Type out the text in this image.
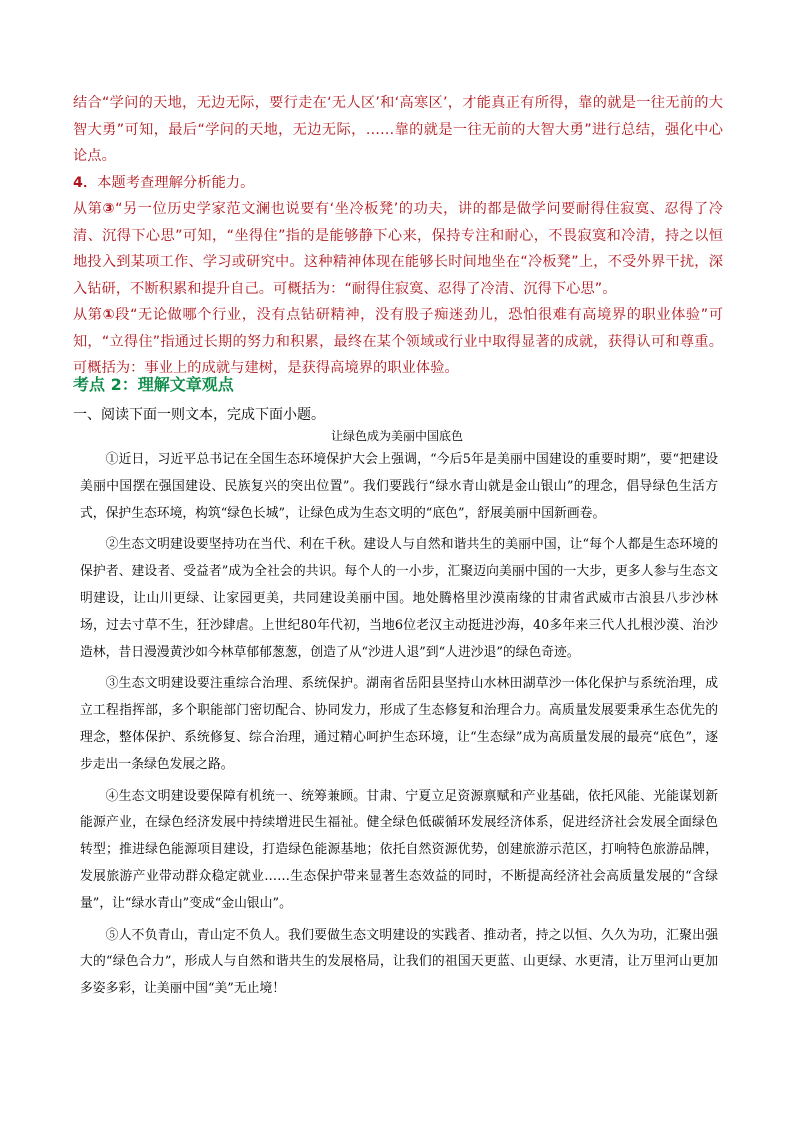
结合“学问的天地，无边无际，要行走在‘无人区’和‘高寒区’，才能真正有所得，靠的就是一往无前的大智大勇”可知，最后“学问的天地，无边无际，……靠的就是一往无前的大智大勇”进行总结，强化中心论点。

4．本题考查理解分析能力。

从第③“另一位历史学家范文澜也说要有‘坐冷板凳’的功夫，讲的都是做学问要耐得住寂寞、忍得了冷清、沉得下心思”可知，“坐得住”指的是能够静下心来，保持专注和耐心，不畏寂寞和冷清，持之以恒地投入到某项工作、学习或研究中。这种精神体现在能够长时间地坐在“冷板凳”上，不受外界干扰，深入钻研，不断积累和提升自己。可概括为：“耐得住寂寞、忍得了冷清、沉得下心思”。

从第①段“无论做哪个行业，没有点钻研精神，没有股子痴迷劲儿，恐怕很难有高境界的职业体验”可知，“立得住”指通过长期的努力和积累，最终在某个领域或行业中取得显著的成就，获得认可和尊重。可概括为：事业上的成就与建树，是获得高境界的职业体验。

考点 2：理解文章观点
一、阅读下面一则文本，完成下面小题。
让绿色成为美丽中国底色

①近日，习近平总书记在全国生态环境保护大会上强调，“今后5年是美丽中国建设的重要时期”，要“把建设美丽中国摆在强国建设、民族复兴的突出位置”。我们要践行“绿水青山就是金山银山”的理念，倡导绿色生活方式，保护生态环境，构筑“绿色长城”，让绿色成为生态文明的“底色”，舒展美丽中国新画卷。

②生态文明建设要坚持功在当代、利在千秋。建设人与自然和谐共生的美丽中国，让“每个人都是生态环境的保护者、建设者、受益者”成为全社会的共识。每个人的一小步，汇聚迈向美丽中国的一大步，更多人参与生态文明建设，让山川更绿、让家园更美，共同建设美丽中国。地处腾格里沙漠南缘的甘肃省武威市古浪县八步沙林场，过去寸草不生，狂沙肆虐。上世纪80年代初，当地6位老汉主动挺进沙海，40多年来三代人扎根沙漠、治沙造林，昔日漫漫黄沙如今林草郁郁葱葱，创造了从“沙进人退”到“人进沙退”的绿色奇迹。

③生态文明建设要注重综合治理、系统保护。湖南省岳阳县坚持山水林田湖草沙一体化保护与系统治理，成立工程指挥部，多个职能部门密切配合、协同发力，形成了生态修复和治理合力。高质量发展要秉承生态优先的理念，整体保护、系统修复、综合治理，通过精心呵护生态环境，让“生态绿”成为高质量发展的最亮“底色”，逐步走出一条绿色发展之路。

④生态文明建设要保障有机统一、统筹兼顾。甘肃、宁夏立足资源禀赋和产业基础，依托风能、光能谋划新能源产业，在绿色经济发展中持续增进民生福祉。健全绿色低碳循环发展经济体系，促进经济社会发展全面绿色转型；推进绿色能源项目建设，打造绿色能源基地；依托自然资源优势，创建旅游示范区，打响特色旅游品牌，发展旅游产业带动群众稳定就业……生态保护带来显著生态效益的同时，不断提高经济社会高质量发展的“含绿量”，让“绿水青山”变成“金山银山”。

⑤人不负青山，青山定不负人。我们要做生态文明建设的实践者、推动者，持之以恒、久久为功，汇聚出强大的“绿色合力”，形成人与自然和谐共生的发展格局，让我们的祖国天更蓝、山更绿、水更清，让万里河山更加多姿多彩，让美丽中国“美”无止境！
